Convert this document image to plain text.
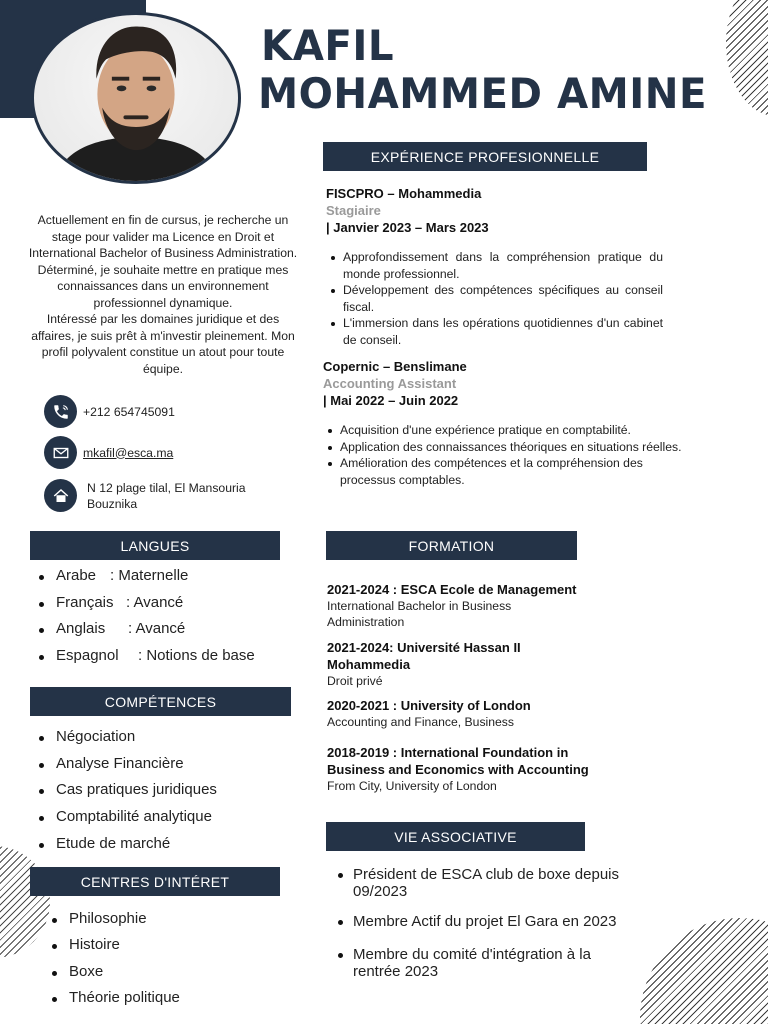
KAFIL
MOHAMMED AMINE

Actuellement en fin de cursus, je recherche un stage pour valider ma Licence en Droit et International Bachelor of Business Administration. Déterminé, je souhaite mettre en pratique mes connaissances dans un environnement professionnel dynamique.
Intéressé par les domaines juridique et des affaires, je suis prêt à m'investir pleinement. Mon profil polyvalent constitue un atout pour toute équipe.

+212 654745091
mkafil@esca.ma
N 12 plage tilal, El Mansouria
Bouznika
LANGUES
Arabe : Maternelle
Français : Avancé
Anglais : Avancé
Espagnol : Notions de base
COMPÉTENCES
Négociation
Analyse Financière
Cas pratiques juridiques
Comptabilité analytique
Etude de marché
CENTRES D'INTÉRET
Philosophie
Histoire
Boxe
Théorie politique
EXPÉRIENCE PROFESIONNELLE
FISCPRO – Mohammedia
Stagiaire
| Janvier 2023 – Mars 2023
Approfondissement dans la compréhension pratique du monde professionnel.
Développement des compétences spécifiques au conseil fiscal.
L'immersion dans les opérations quotidiennes d'un cabinet de conseil.
Copernic – Benslimane
Accounting Assistant
| Mai 2022 – Juin 2022
Acquisition d'une expérience pratique en comptabilité.
Application des connaissances théoriques en situations réelles.
Amélioration des compétences et la compréhension des processus comptables.
FORMATION
2021-2024 : ESCA Ecole de Management
International Bachelor in Business Administration
2021-2024: Université Hassan II Mohammedia
Droit privé
2020-2021 : University of London
Accounting and Finance, Business
2018-2019 : International Foundation in Business and Economics with Accounting
From City, University of London
VIE ASSOCIATIVE
Président de ESCA club de boxe depuis 09/2023
Membre Actif du projet El Gara en 2023
Membre du comité d'intégration à la rentrée 2023
